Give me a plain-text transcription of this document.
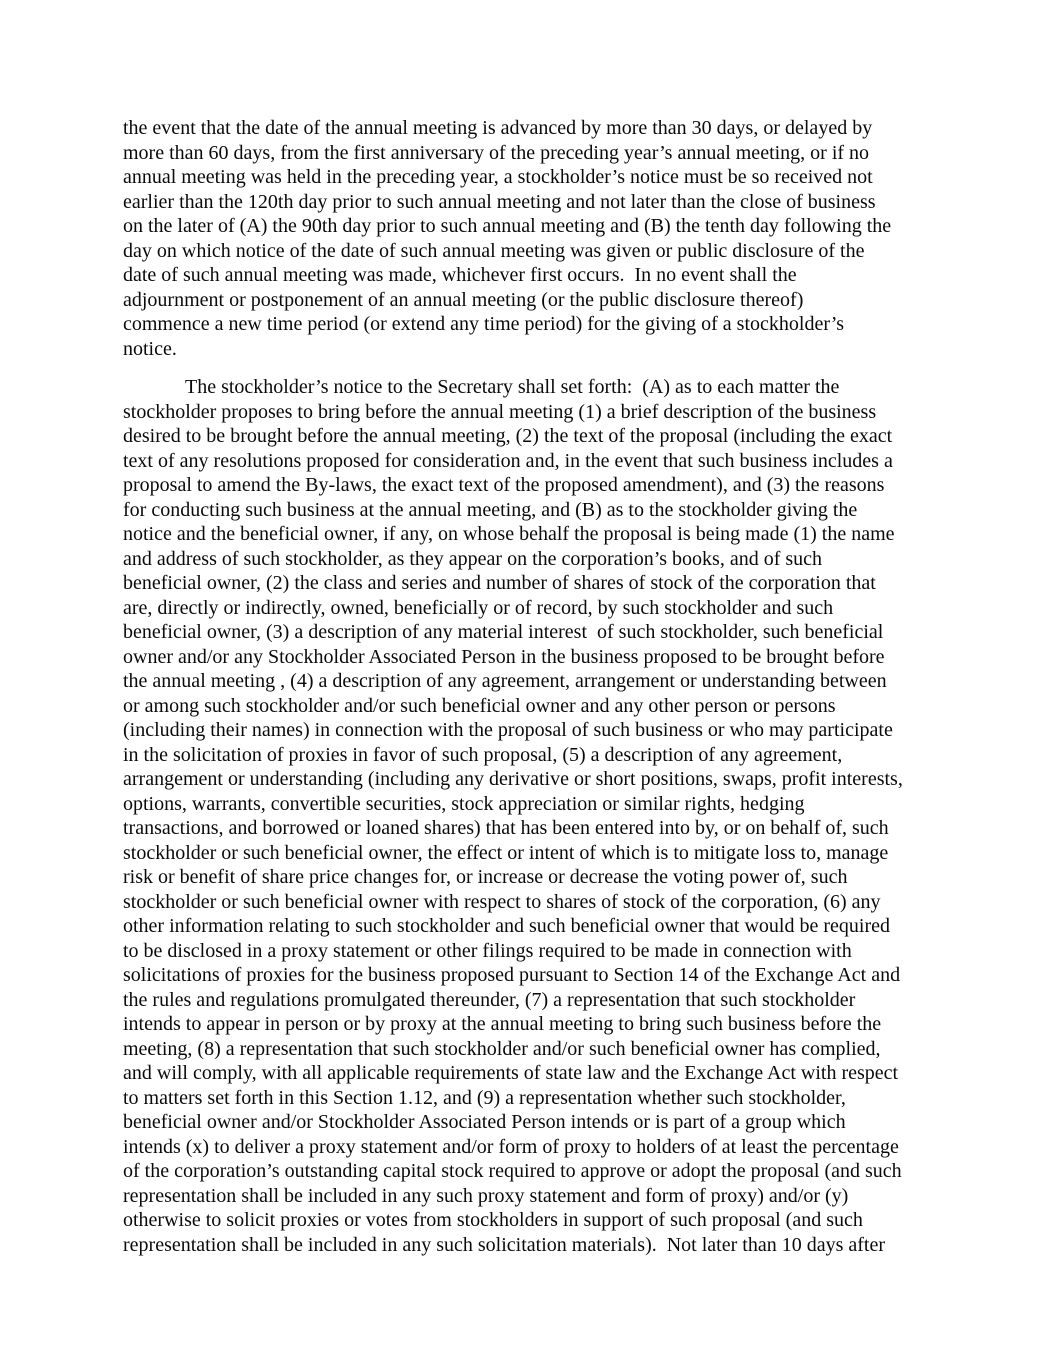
the event that the date of the annual meeting is advanced by more than 30 days, or delayed by
more than 60 days, from the first anniversary of the preceding year’s annual meeting, or if no
annual meeting was held in the preceding year, a stockholder’s notice must be so received not
earlier than the 120th day prior to such annual meeting and not later than the close of business
on the later of (A) the 90th day prior to such annual meeting and (B) the tenth day following the
day on which notice of the date of such annual meeting was given or public disclosure of the
date of such annual meeting was made, whichever first occurs.  In no event shall the
adjournment or postponement of an annual meeting (or the public disclosure thereof)
commence a new time period (or extend any time period) for the giving of a stockholder’s
notice.
The stockholder’s notice to the Secretary shall set forth:  (A) as to each matter the
stockholder proposes to bring before the annual meeting (1) a brief description of the business
desired to be brought before the annual meeting, (2) the text of the proposal (including the exact
text of any resolutions proposed for consideration and, in the event that such business includes a
proposal to amend the By-laws, the exact text of the proposed amendment), and (3) the reasons
for conducting such business at the annual meeting, and (B) as to the stockholder giving the
notice and the beneficial owner, if any, on whose behalf the proposal is being made (1) the name
and address of such stockholder, as they appear on the corporation’s books, and of such
beneficial owner, (2) the class and series and number of shares of stock of the corporation that
are, directly or indirectly, owned, beneficially or of record, by such stockholder and such
beneficial owner, (3) a description of any material interest  of such stockholder, such beneficial
owner and/or any Stockholder Associated Person in the business proposed to be brought before
the annual meeting , (4) a description of any agreement, arrangement or understanding between
or among such stockholder and/or such beneficial owner and any other person or persons
(including their names) in connection with the proposal of such business or who may participate
in the solicitation of proxies in favor of such proposal, (5) a description of any agreement,
arrangement or understanding (including any derivative or short positions, swaps, profit interests,
options, warrants, convertible securities, stock appreciation or similar rights, hedging
transactions, and borrowed or loaned shares) that has been entered into by, or on behalf of, such
stockholder or such beneficial owner, the effect or intent of which is to mitigate loss to, manage
risk or benefit of share price changes for, or increase or decrease the voting power of, such
stockholder or such beneficial owner with respect to shares of stock of the corporation, (6) any
other information relating to such stockholder and such beneficial owner that would be required
to be disclosed in a proxy statement or other filings required to be made in connection with
solicitations of proxies for the business proposed pursuant to Section 14 of the Exchange Act and
the rules and regulations promulgated thereunder, (7) a representation that such stockholder
intends to appear in person or by proxy at the annual meeting to bring such business before the
meeting, (8) a representation that such stockholder and/or such beneficial owner has complied,
and will comply, with all applicable requirements of state law and the Exchange Act with respect
to matters set forth in this Section 1.12, and (9) a representation whether such stockholder,
beneficial owner and/or Stockholder Associated Person intends or is part of a group which
intends (x) to deliver a proxy statement and/or form of proxy to holders of at least the percentage
of the corporation’s outstanding capital stock required to approve or adopt the proposal (and such
representation shall be included in any such proxy statement and form of proxy) and/or (y)
otherwise to solicit proxies or votes from stockholders in support of such proposal (and such
representation shall be included in any such solicitation materials).  Not later than 10 days after
